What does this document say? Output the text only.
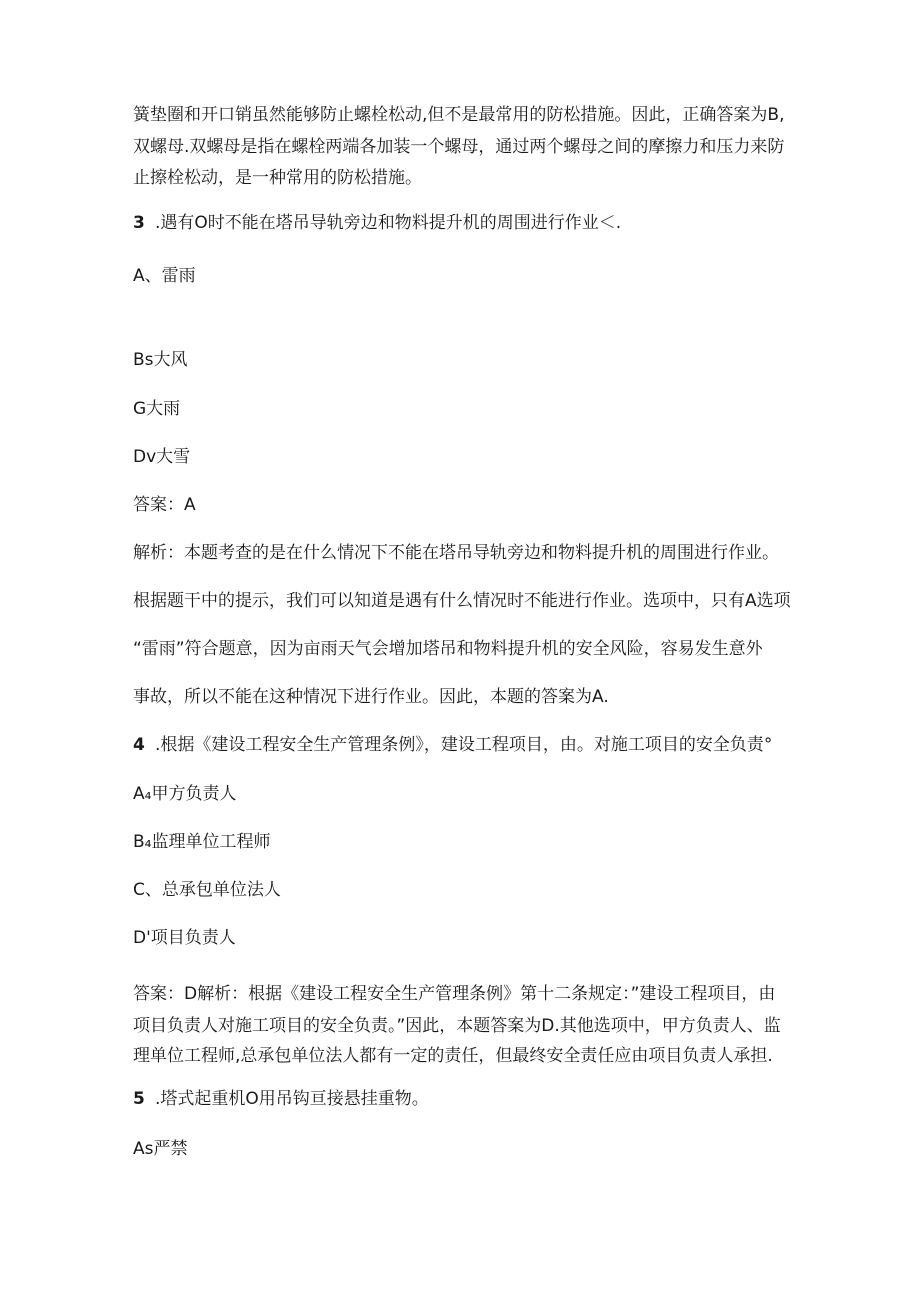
簧垫圈和开口销虽然能够防止螺栓松动,但不是最常用的防松措施。因此，正确答案为B,

双螺母.双螺母是指在螺栓两端各加装一个螺母，通过两个螺母之间的摩擦力和压力来防

止擦栓松动，是一种常用的防松措施。

3 .遇有O时不能在塔吊导轨旁边和物料提升机的周围进行作业＜.

A、雷雨

Bs大风

G大雨

Dv大雪

答案：A

解析：本题考查的是在什么情况下不能在塔吊导轨旁边和物料提升机的周围进行作业。

根据题干中的提示，我们可以知道是遇有什么情况时不能进行作业。选项中，只有A选项

“雷雨”符合题意，因为亩雨天气会增加塔吊和物料提升机的安全风险，容易发生意外

事故，所以不能在这种情况下进行作业。因此，本题的答案为A.

4 .根据《建设工程安全生产管理条例》，建设工程项目，由。对施工项目的安全负责°

A₄甲方负责人

B₄监理单位工程师

C、总承包单位法人

D'项目负责人

答案：D解析：根据《建设工程安全生产管理条例》第十二条规定：”建设工程项目，由

项目负责人对施工项目的安全负责。”因此，本题答案为D.其他选项中，甲方负责人、监

理单位工程师,总承包单位法人都有一定的责任，但最终安全责任应由项目负责人承担.

5 .塔式起重机O用吊钩亘接悬挂重物。

As严禁
